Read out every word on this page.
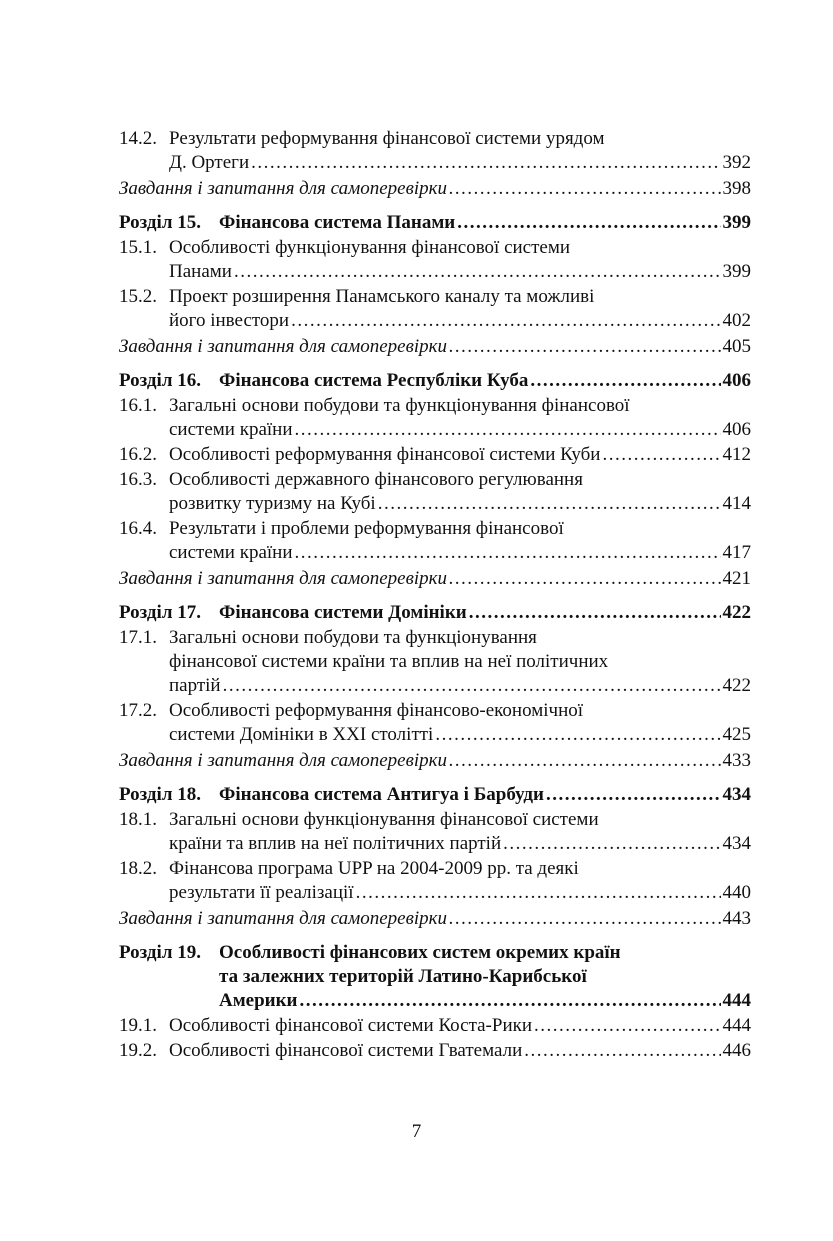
14.2. Результати реформування фінансової системи урядом
Д. Ортеги .....	392
Завдання і запитання для самоперевірки .....	398
Розділ 15. Фінансова система Панами .....	399
15.1. Особливості функціонування фінансової системи
Панами .....	399
15.2. Проект розширення Панамського каналу та можливі
його інвестори .....	402
Завдання і запитання для самоперевірки .....	405
Розділ 16. Фінансова система Республіки Куба .....	406
16.1. Загальні основи побудови та функціонування фінансової
системи країни .....	406
16.2. Особливості реформування фінансової системи Куби .....	412
16.3. Особливості державного фінансового регулювання
розвитку туризму на Кубі .....	414
16.4. Результати і проблеми реформування фінансової
системи країни .....	417
Завдання і запитання для самоперевірки .....	421
Розділ 17. Фінансова системи Домініки .....	422
17.1. Загальні основи побудови та функціонування
фінансової системи країни та вплив на неї політичних
партій .....	422
17.2. Особливості реформування фінансово-економічної
системи Домініки в ХХІ столітті .....	425
Завдання і запитання для самоперевірки .....	433
Розділ 18. Фінансова система Антигуа і Барбуди .....	434
18.1. Загальні основи функціонування фінансової системи
країни та вплив на неї політичних партій .....	434
18.2. Фінансова програма UPP на 2004-2009 рр. та деякі
результати її реалізації .....	440
Завдання і запитання для самоперевірки .....	443
Розділ 19. Особливості фінансових систем окремих країн
та залежних територій Латино-Карибської
Америки .....	444
19.1. Особливості фінансової системи Коста-Рики .....	444
19.2. Особливості фінансової системи Гватемали .....	446
7
